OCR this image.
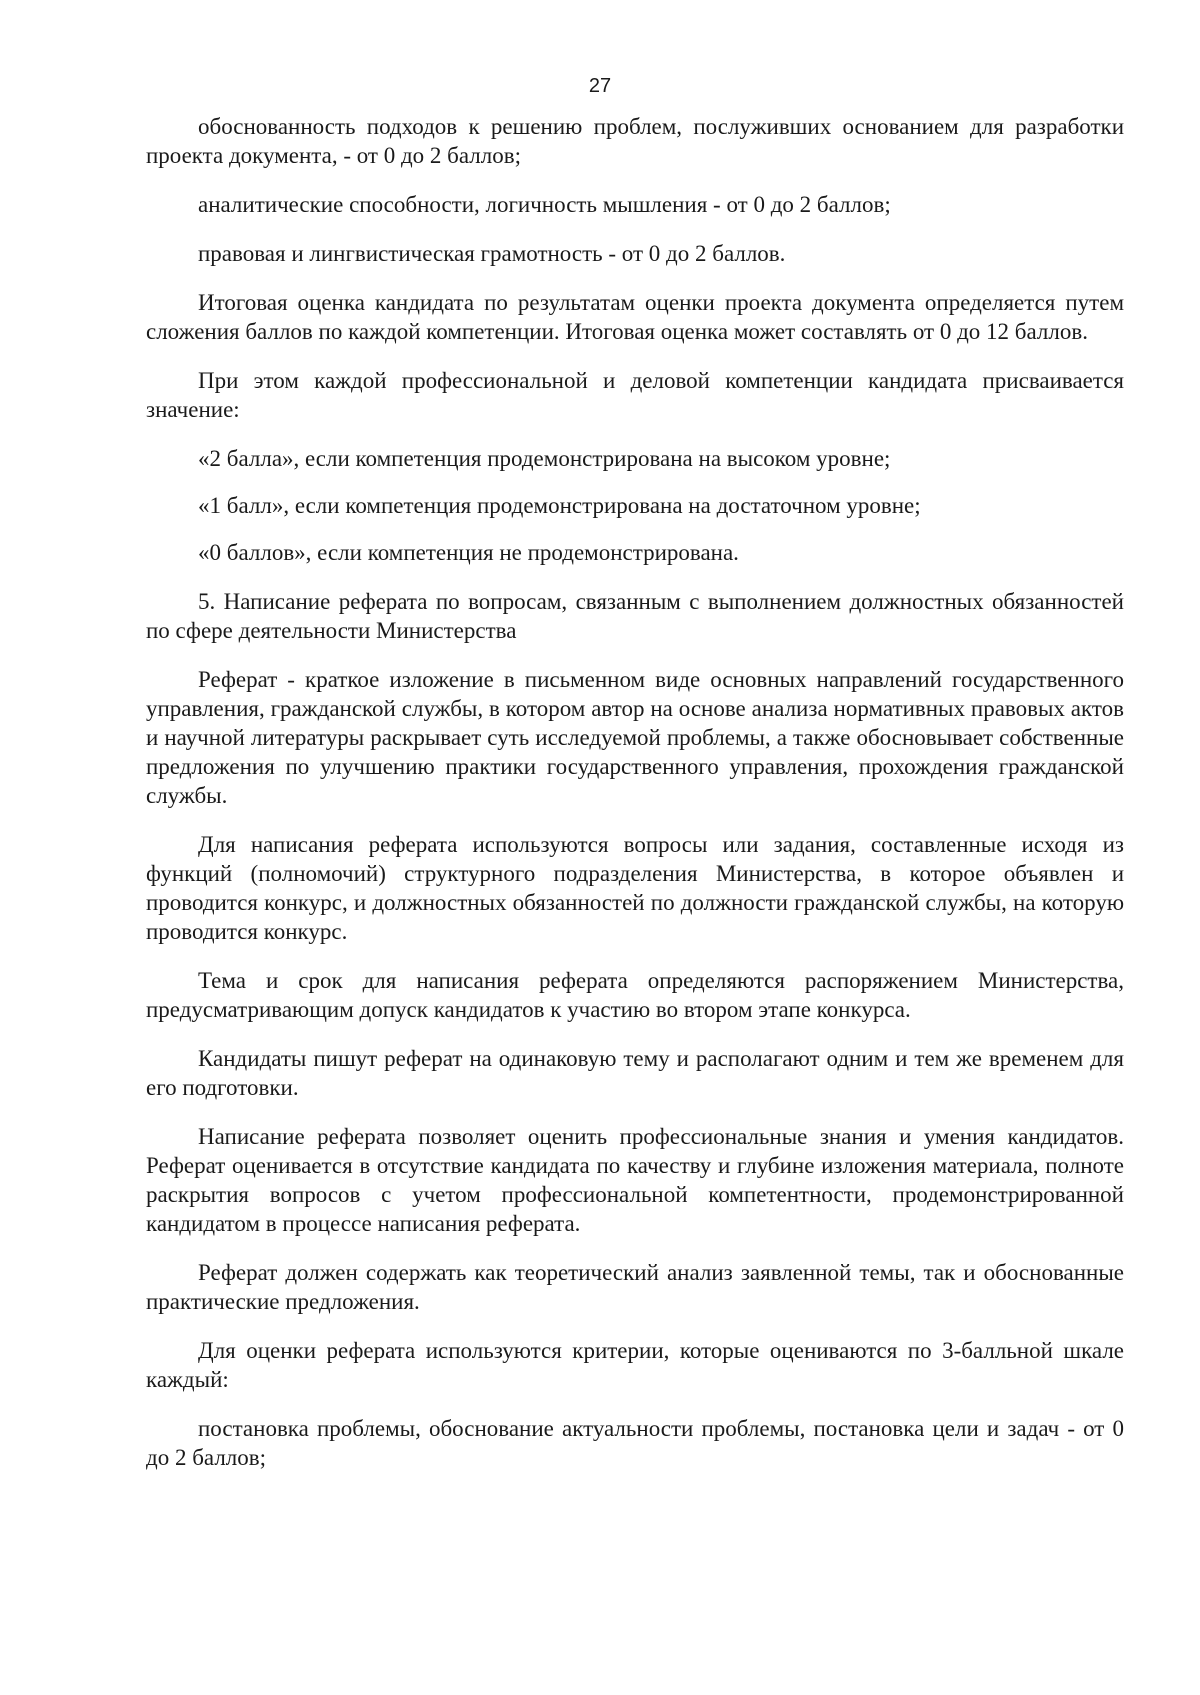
27

обоснованность подходов к решению проблем, послуживших основанием для разработки проекта документа, - от 0 до 2 баллов;

аналитические способности, логичность мышления - от 0 до 2 баллов;

правовая и лингвистическая грамотность - от 0 до 2 баллов.

Итоговая оценка кандидата по результатам оценки проекта документа определяется путем сложения баллов по каждой компетенции. Итоговая оценка может составлять от 0 до 12 баллов.

При этом каждой профессиональной и деловой компетенции кандидата присваивается значение:

«2 балла», если компетенция продемонстрирована на высоком уровне;

«1 балл», если компетенция продемонстрирована на достаточном уровне;

«0 баллов», если компетенция не продемонстрирована.

5. Написание реферата по вопросам, связанным с выполнением должностных обязанностей по сфере деятельности Министерства

Реферат - краткое изложение в письменном виде основных направлений государственного управления, гражданской службы, в котором автор на основе анализа нормативных правовых актов и научной литературы раскрывает суть исследуемой проблемы, а также обосновывает собственные предложения по улучшению практики государственного управления, прохождения гражданской службы.

Для написания реферата используются вопросы или задания, составленные исходя из функций (полномочий) структурного подразделения Министерства, в которое объявлен и проводится конкурс, и должностных обязанностей по должности гражданской службы, на которую проводится конкурс.

Тема и срок для написания реферата определяются распоряжением Министерства, предусматривающим допуск кандидатов к участию во втором этапе конкурса.

Кандидаты пишут реферат на одинаковую тему и располагают одним и тем же временем для его подготовки.

Написание реферата позволяет оценить профессиональные знания и умения кандидатов. Реферат оценивается в отсутствие кандидата по качеству и глубине изложения материала, полноте раскрытия вопросов с учетом профессиональной компетентности, продемонстрированной кандидатом в процессе написания реферата.

Реферат должен содержать как теоретический анализ заявленной темы, так и обоснованные практические предложения.

Для оценки реферата используются критерии, которые оцениваются по 3-балльной шкале каждый:

постановка проблемы, обоснование актуальности проблемы, постановка цели и задач - от 0 до 2 баллов;
